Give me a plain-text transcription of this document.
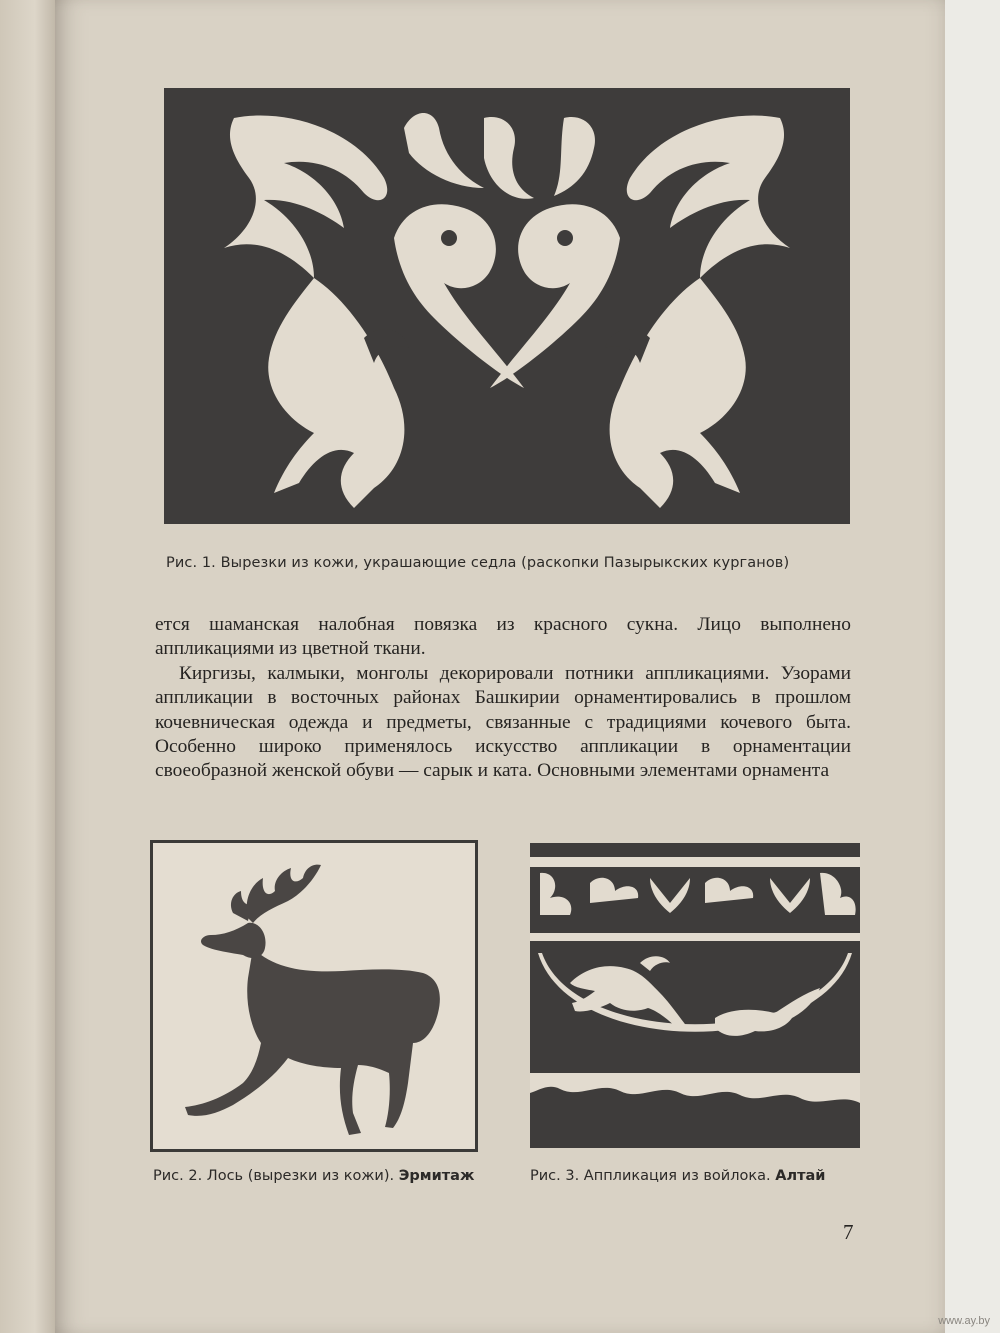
Рис. 1. Вырезки из кожи, украшающие седла (раскопки Пазырыкских курганов)

ется шаманская налобная повязка из красного сукна. Лицо выполнено аппликациями из цветной ткани.

Киргизы, калмыки, монголы декорировали потники аппликациями. Узорами аппликации в восточных районах Башкирии орнаментировались в прошлом кочевническая одежда и предметы, связанные с традициями кочевого быта. Особенно широко применялось искусство аппликации в орнаментации своеобразной женской обуви — сарык и ката. Основными элементами орнамента

Рис. 2. Лось (вырезки из кожи). Эрмитаж	Рис. 3. Аппликация из войлока. Алтай
7
www.ay.by
